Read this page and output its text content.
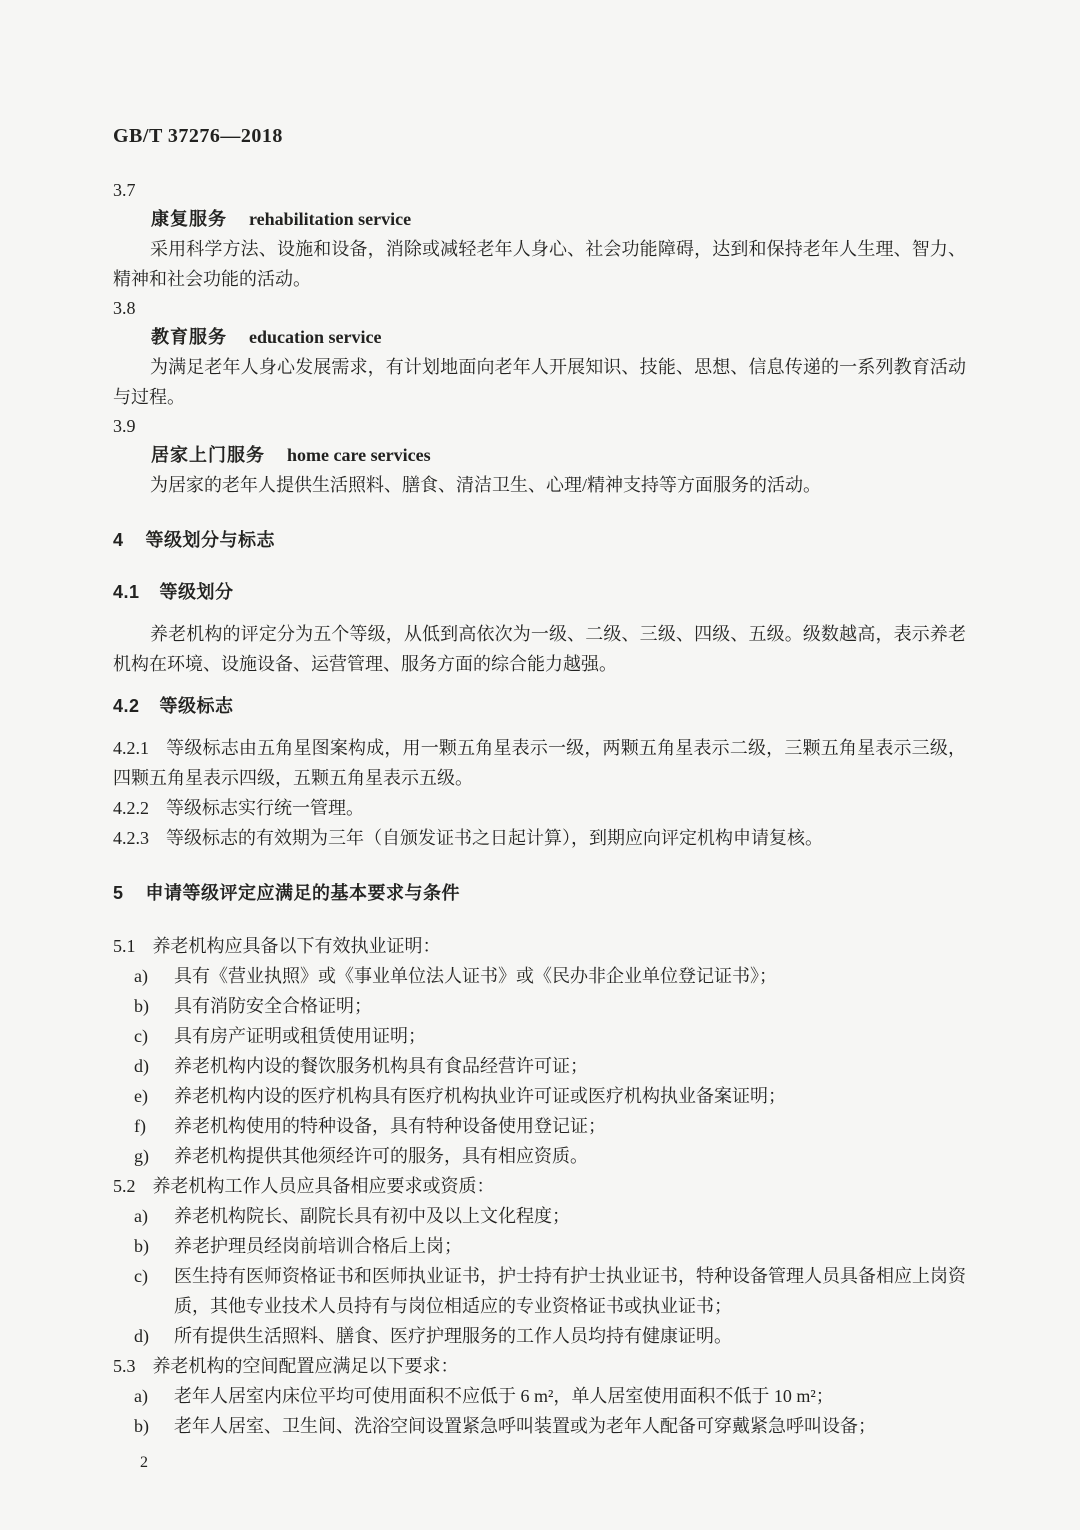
GB/T 37276—2018
3.7
康复服务 rehabilitation service

采用科学方法、设施和设备，消除或减轻老年人身心、社会功能障碍，达到和保持老年人生理、智力、精神和社会功能的活动。

3.8
教育服务 education service

为满足老年人身心发展需求，有计划地面向老年人开展知识、技能、思想、信息传递的一系列教育活动与过程。

3.9
居家上门服务 home care services

为居家的老年人提供生活照料、膳食、清洁卫生、心理/精神支持等方面服务的活动。

4 等级划分与标志
4.1 等级划分

养老机构的评定分为五个等级，从低到高依次为一级、二级、三级、四级、五级。级数越高，表示养老机构在环境、设施设备、运营管理、服务方面的综合能力越强。

4.2 等级标志

4.2.1 等级标志由五角星图案构成，用一颗五角星表示一级，两颗五角星表示二级，三颗五角星表示三级，四颗五角星表示四级，五颗五角星表示五级。

4.2.2 等级标志实行统一管理。

4.2.3 等级标志的有效期为三年（自颁发证书之日起计算），到期应向评定机构申请复核。

5 申请等级评定应满足的基本要求与条件

5.1 养老机构应具备以下有效执业证明：

a)	具有《营业执照》或《事业单位法人证书》或《民办非企业单位登记证书》；
b)	具有消防安全合格证明；
c)	具有房产证明或租赁使用证明；
d)	养老机构内设的餐饮服务机构具有食品经营许可证；
e)	养老机构内设的医疗机构具有医疗机构执业许可证或医疗机构执业备案证明；
f)	养老机构使用的特种设备，具有特种设备使用登记证；
g)	养老机构提供其他须经许可的服务，具有相应资质。

5.2 养老机构工作人员应具备相应要求或资质：

a)	养老机构院长、副院长具有初中及以上文化程度；
b)	养老护理员经岗前培训合格后上岗；
c)	医生持有医师资格证书和医师执业证书，护士持有护士执业证书，特种设备管理人员具备相应上岗资质，其他专业技术人员持有与岗位相适应的专业资格证书或执业证书；
d)	所有提供生活照料、膳食、医疗护理服务的工作人员均持有健康证明。

5.3 养老机构的空间配置应满足以下要求：

a)	老年人居室内床位平均可使用面积不应低于 6 m²，单人居室使用面积不低于 10 m²；
b)	老年人居室、卫生间、洗浴空间设置紧急呼叫装置或为老年人配备可穿戴紧急呼叫设备；
2
